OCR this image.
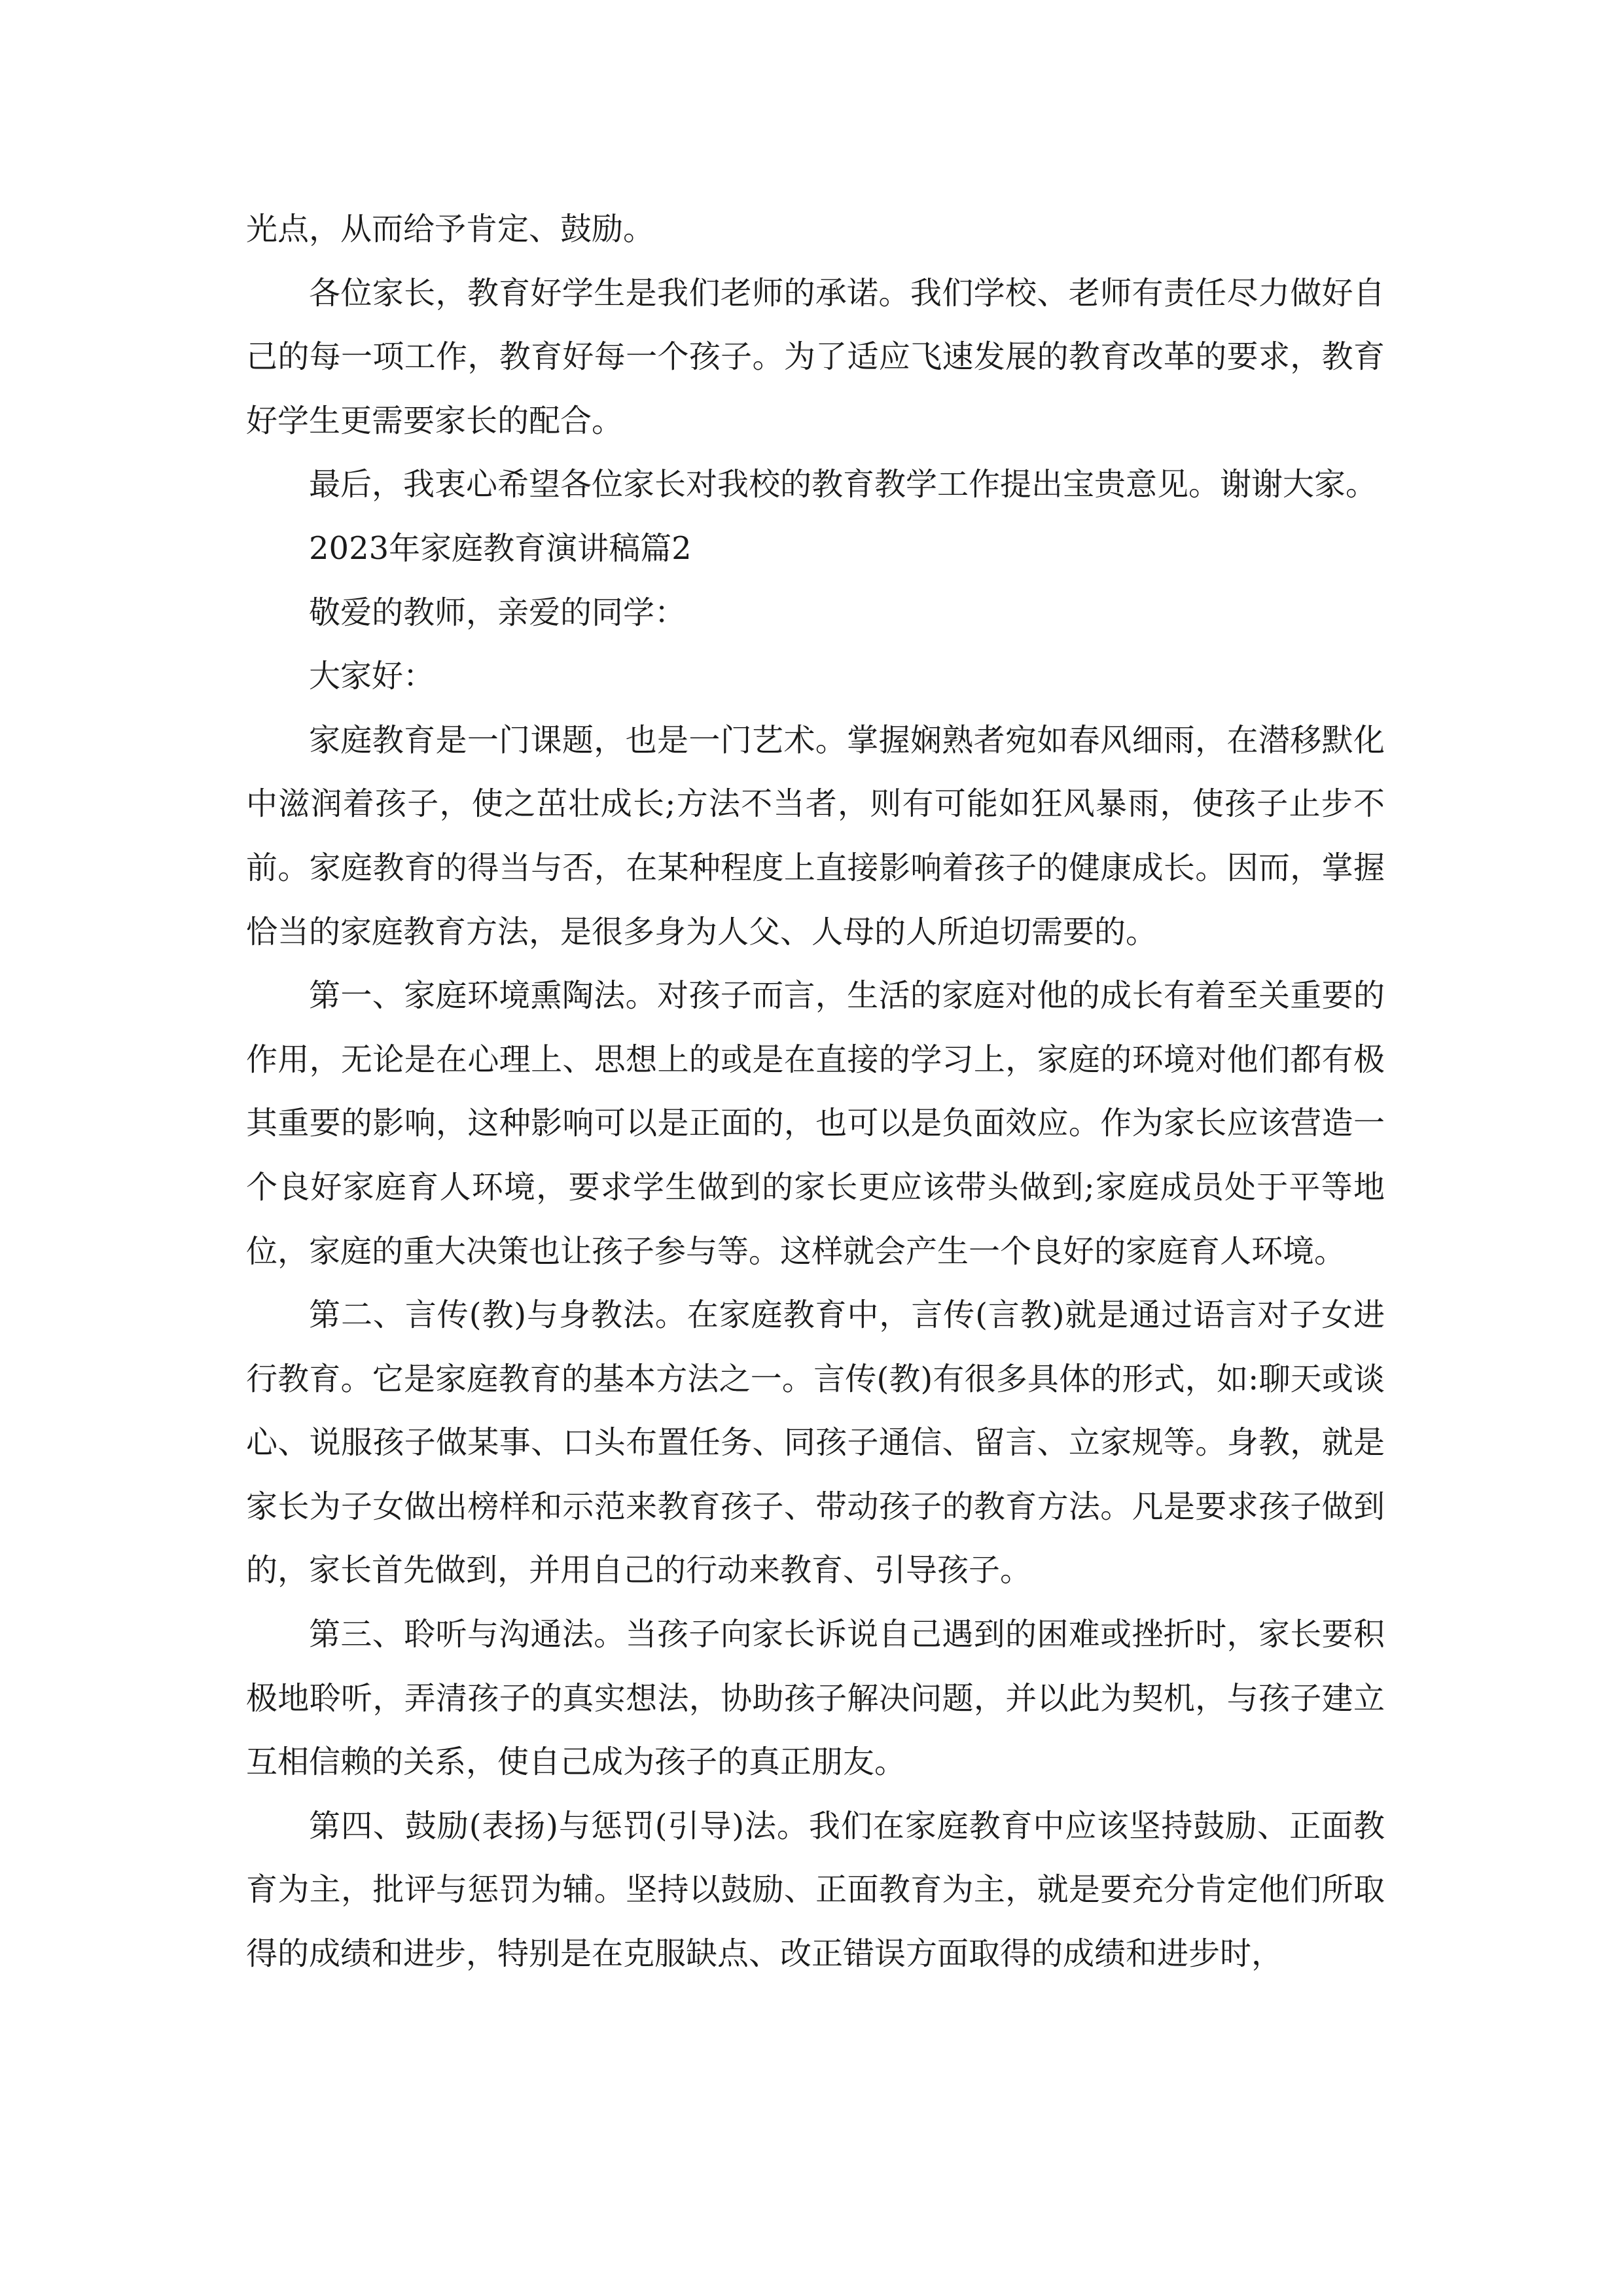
光点，从而给予肯定、鼓励。

各位家长，教育好学生是我们老师的承诺。我们学校、老师有责任尽力做好自己的每一项工作，教育好每一个孩子。为了适应飞速发展的教育改革的要求，教育好学生更需要家长的配合。

最后，我衷心希望各位家长对我校的教育教学工作提出宝贵意见。谢谢大家。

2023年家庭教育演讲稿篇2

敬爱的教师，亲爱的同学：

大家好：

家庭教育是一门课题，也是一门艺术。掌握娴熟者宛如春风细雨，在潜移默化中滋润着孩子，使之茁壮成长;方法不当者，则有可能如狂风暴雨，使孩子止步不前。家庭教育的得当与否，在某种程度上直接影响着孩子的健康成长。因而，掌握恰当的家庭教育方法，是很多身为人父、人母的人所迫切需要的。

第一、家庭环境熏陶法。对孩子而言，生活的家庭对他的成长有着至关重要的作用，无论是在心理上、思想上的或是在直接的学习上，家庭的环境对他们都有极其重要的影响，这种影响可以是正面的，也可以是负面效应。作为家长应该营造一个良好家庭育人环境，要求学生做到的家长更应该带头做到;家庭成员处于平等地位，家庭的重大决策也让孩子参与等。这样就会产生一个良好的家庭育人环境。

第二、言传(教)与身教法。在家庭教育中，言传(言教)就是通过语言对子女进行教育。它是家庭教育的基本方法之一。言传(教)有很多具体的形式，如:聊天或谈心、说服孩子做某事、口头布置任务、同孩子通信、留言、立家规等。身教，就是家长为子女做出榜样和示范来教育孩子、带动孩子的教育方法。凡是要求孩子做到的，家长首先做到，并用自己的行动来教育、引导孩子。

第三、聆听与沟通法。当孩子向家长诉说自己遇到的困难或挫折时，家长要积极地聆听，弄清孩子的真实想法，协助孩子解决问题，并以此为契机，与孩子建立互相信赖的关系，使自己成为孩子的真正朋友。

第四、鼓励(表扬)与惩罚(引导)法。我们在家庭教育中应该坚持鼓励、正面教育为主，批评与惩罚为辅。坚持以鼓励、正面教育为主，就是要充分肯定他们所取得的成绩和进步，特别是在克服缺点、改正错误方面取得的成绩和进步时，
